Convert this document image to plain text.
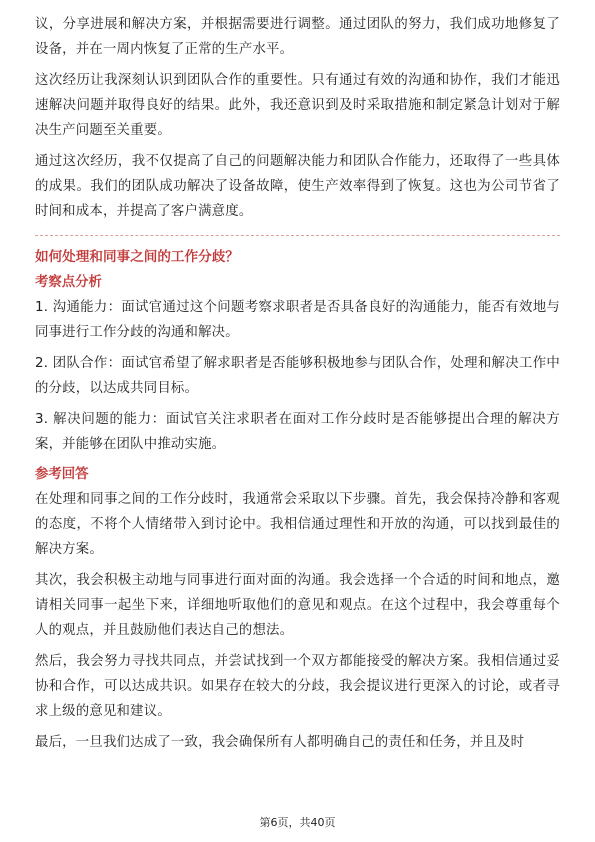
议，分享进展和解决方案，并根据需要进行调整。通过团队的努力，我们成功地修复了设备，并在一周内恢复了正常的生产水平。

这次经历让我深刻认识到团队合作的重要性。只有通过有效的沟通和协作，我们才能迅速解决问题并取得良好的结果。此外，我还意识到及时采取措施和制定紧急计划对于解决生产问题至关重要。

通过这次经历，我不仅提高了自己的问题解决能力和团队合作能力，还取得了一些具体的成果。我们的团队成功解决了设备故障，使生产效率得到了恢复。这也为公司节省了时间和成本，并提高了客户满意度。

如何处理和同事之间的工作分歧？

考察点分析

1. 沟通能力：面试官通过这个问题考察求职者是否具备良好的沟通能力，能否有效地与同事进行工作分歧的沟通和解决。

2. 团队合作：面试官希望了解求职者是否能够积极地参与团队合作，处理和解决工作中的分歧，以达成共同目标。

3. 解决问题的能力：面试官关注求职者在面对工作分歧时是否能够提出合理的解决方案，并能够在团队中推动实施。

参考回答

在处理和同事之间的工作分歧时，我通常会采取以下步骤。首先，我会保持冷静和客观的态度，不将个人情绪带入到讨论中。我相信通过理性和开放的沟通，可以找到最佳的解决方案。

其次，我会积极主动地与同事进行面对面的沟通。我会选择一个合适的时间和地点，邀请相关同事一起坐下来，详细地听取他们的意见和观点。在这个过程中，我会尊重每个人的观点，并且鼓励他们表达自己的想法。

然后，我会努力寻找共同点，并尝试找到一个双方都能接受的解决方案。我相信通过妥协和合作，可以达成共识。如果存在较大的分歧，我会提议进行更深入的讨论，或者寻求上级的意见和建议。

最后，一旦我们达成了一致，我会确保所有人都明确自己的责任和任务，并且及时

第6页，共40页
